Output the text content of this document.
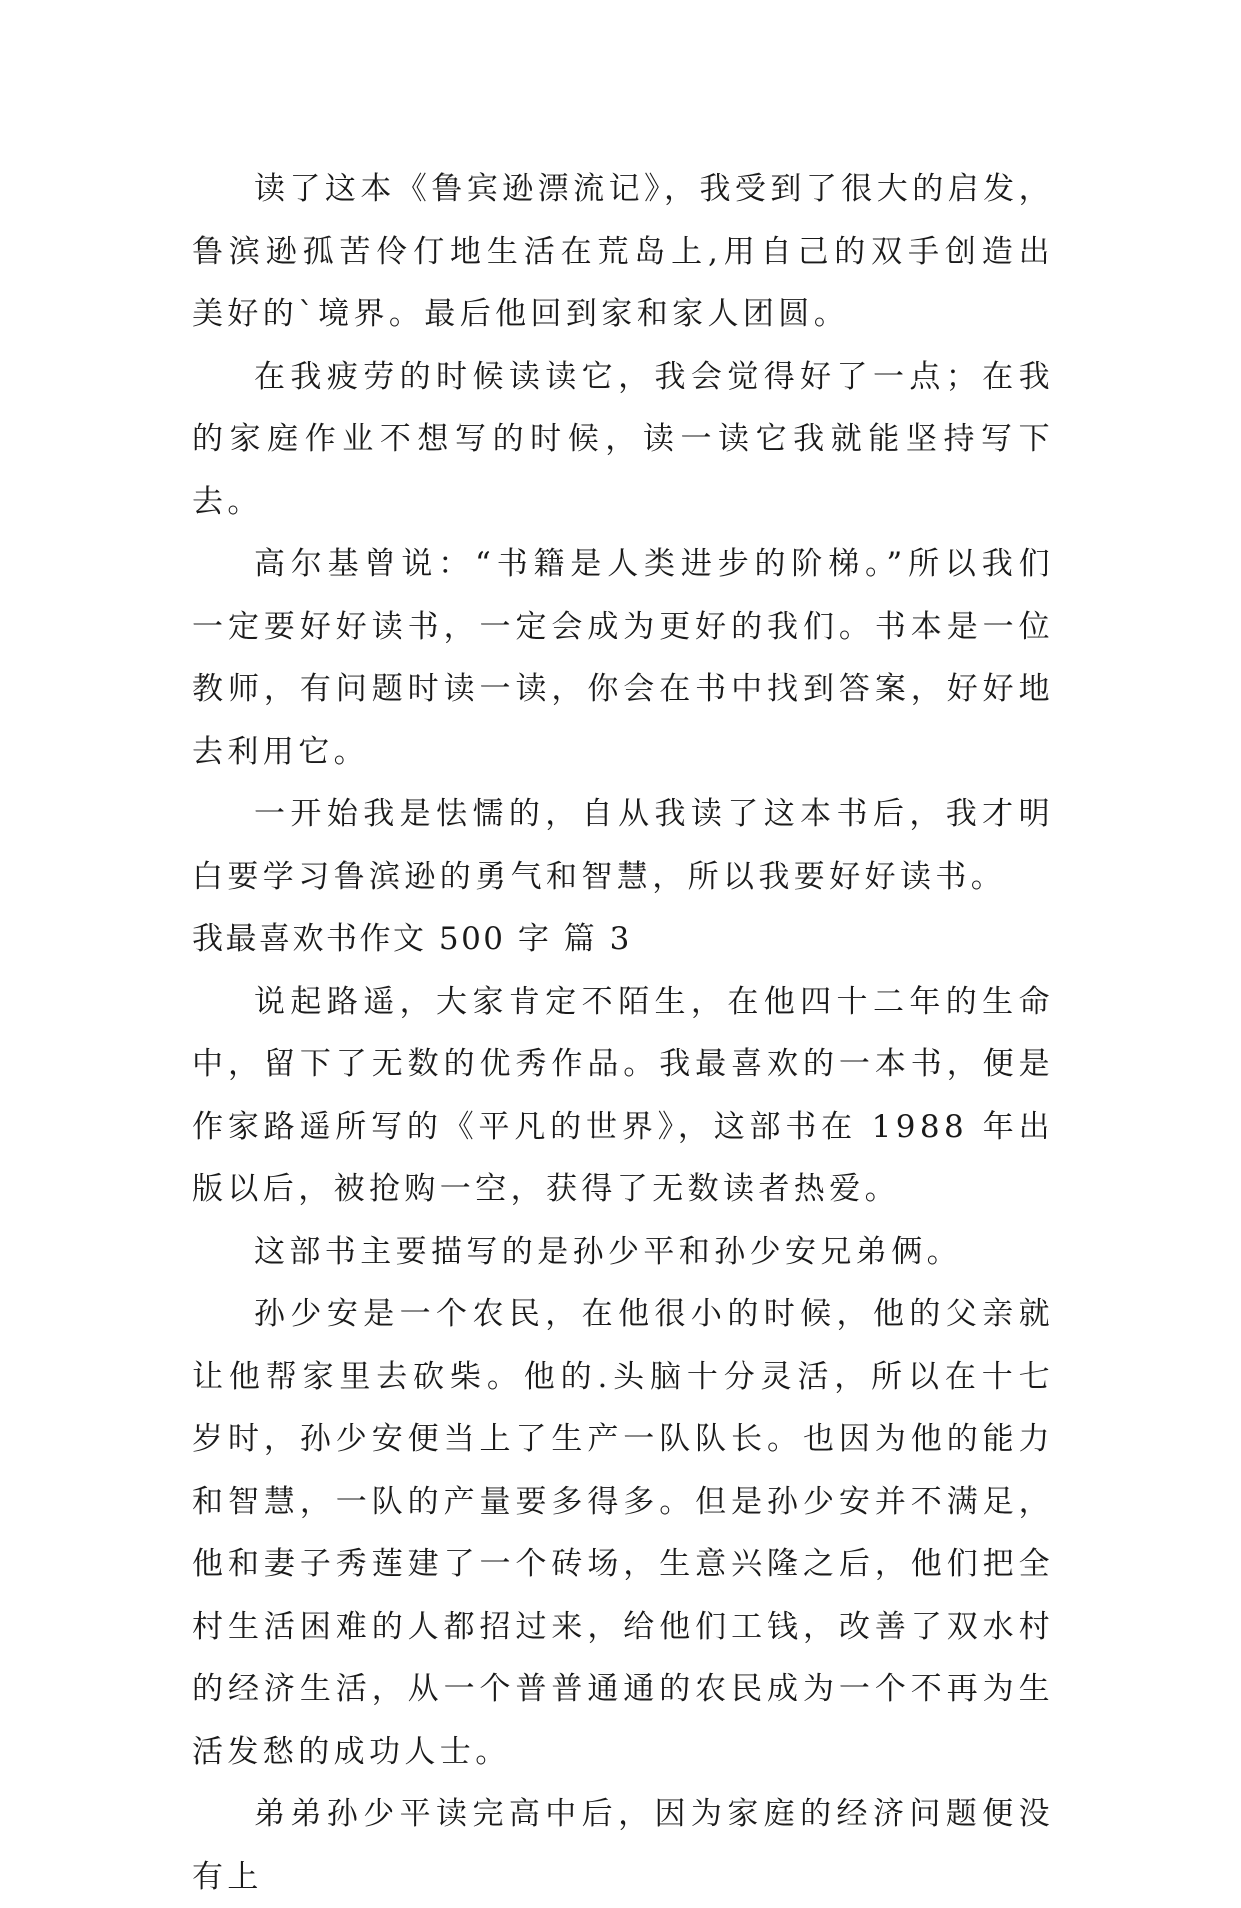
读了这本《鲁宾逊漂流记》，我受到了很大的启发，鲁滨逊孤苦伶仃地生活在荒岛上,用自己的双手创造出美好的`境界。最后他回到家和家人团圆。

在我疲劳的时候读读它，我会觉得好了一点；在我的家庭作业不想写的时候，读一读它我就能坚持写下去。

高尔基曾说：“书籍是人类进步的阶梯。”所以我们一定要好好读书，一定会成为更好的我们。书本是一位教师，有问题时读一读，你会在书中找到答案，好好地去利用它。

一开始我是怯懦的，自从我读了这本书后，我才明白要学习鲁滨逊的勇气和智慧，所以我要好好读书。

我最喜欢书作文 500 字 篇 3

说起路遥，大家肯定不陌生，在他四十二年的生命中，留下了无数的优秀作品。我最喜欢的一本书，便是作家路遥所写的《平凡的世界》，这部书在 1988 年出版以后，被抢购一空，获得了无数读者热爱。

这部书主要描写的是孙少平和孙少安兄弟俩。

孙少安是一个农民，在他很小的时候，他的父亲就让他帮家里去砍柴。他的.头脑十分灵活，所以在十七岁时，孙少安便当上了生产一队队长。也因为他的能力和智慧，一队的产量要多得多。但是孙少安并不满足，他和妻子秀莲建了一个砖场，生意兴隆之后，他们把全村生活困难的人都招过来，给他们工钱，改善了双水村的经济生活，从一个普普通通的农民成为一个不再为生活发愁的成功人士。

弟弟孙少平读完高中后，因为家庭的经济问题便没有上
